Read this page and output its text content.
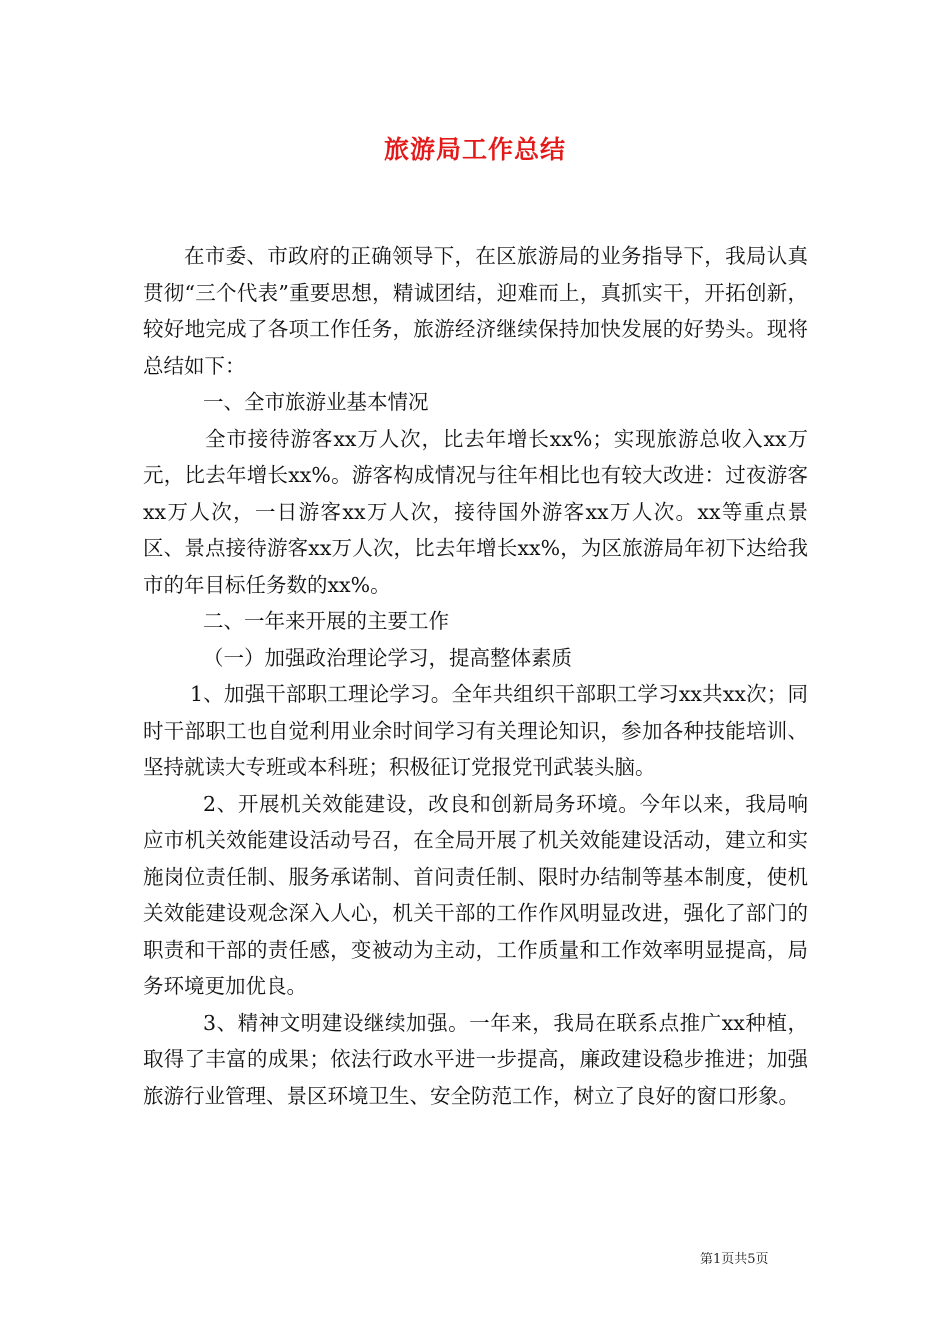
旅游局工作总结

在市委、市政府的正确领导下，在区旅游局的业务指导下，我局认真贯彻“三个代表”重要思想，精诚团结，迎难而上，真抓实干，开拓创新，较好地完成了各项工作任务，旅游经济继续保持加快发展的好势头。现将总结如下：

一、全市旅游业基本情况

全市接待游客xx万人次，比去年增长xx%；实现旅游总收入xx万元，比去年增长xx%。游客构成情况与往年相比也有较大改进：过夜游客xx万人次，一日游客xx万人次，接待国外游客xx万人次。xx等重点景区、景点接待游客xx万人次，比去年增长xx%，为区旅游局年初下达给我市的年目标任务数的xx%。

二、一年来开展的主要工作

（一）加强政治理论学习，提高整体素质

1、加强干部职工理论学习。全年共组织干部职工学习xx共xx次；同时干部职工也自觉利用业余时间学习有关理论知识，参加各种技能培训、坚持就读大专班或本科班；积极征订党报党刊武装头脑。

2、开展机关效能建设，改良和创新局务环境。今年以来，我局响应市机关效能建设活动号召，在全局开展了机关效能建设活动，建立和实施岗位责任制、服务承诺制、首问责任制、限时办结制等基本制度，使机关效能建设观念深入人心，机关干部的工作作风明显改进，强化了部门的职责和干部的责任感，变被动为主动，工作质量和工作效率明显提高，局务环境更加优良。

3、精神文明建设继续加强。一年来，我局在联系点推广xx种植，取得了丰富的成果；依法行政水平进一步提高，廉政建设稳步推进；加强旅游行业管理、景区环境卫生、安全防范工作，树立了良好的窗口形象。

第1页共5页
